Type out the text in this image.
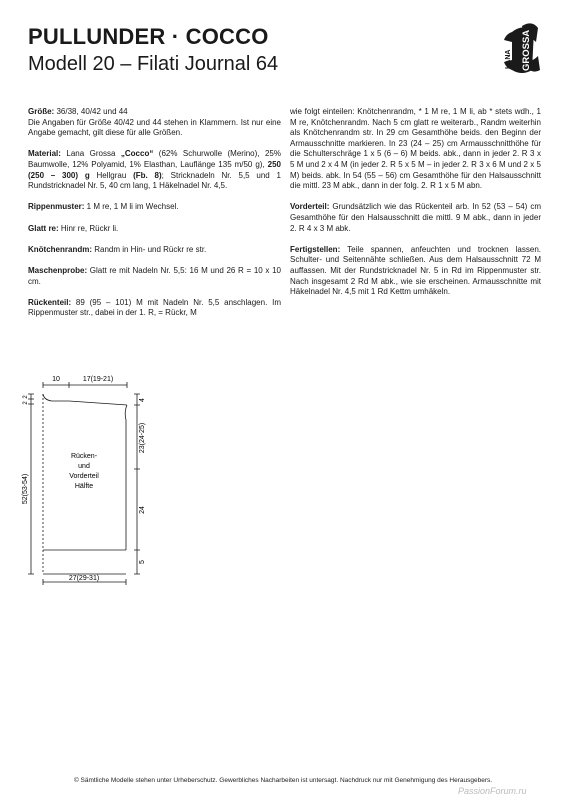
PULLUNDER · COCCO
Modell 20 – Filati Journal 64	LANA GROSSA

Größe: 36/38, 40/42 und 44
Die Angaben für Größe 40/42 und 44 stehen in Klammern. Ist nur eine Angabe gemacht, gilt diese für alle Größen.

Material: Lana Grossa „Cocco“ (62% Schurwolle (Merino), 25% Baumwolle, 12% Polyamid, 1% Elasthan, Lauflänge 135 m/50 g), 250 (250 – 300) g Hellgrau (Fb. 8); Stricknadeln Nr. 5,5 und 1 Rundstricknadel Nr. 5, 40 cm lang, 1 Häkelnadel Nr. 4,5.

Rippenmuster: 1 M re, 1 M li im Wechsel.

Glatt re: Hinr re, Rückr li.

Knötchenrandm: Randm in Hin- und Rückr re str.

Maschenprobe: Glatt re mit Nadeln Nr. 5,5: 16 M und 26 R = 10 x 10 cm.

Rückenteil: 89 (95 – 101) M mit Nadeln Nr. 5,5 anschlagen. Im Rippenmuster str., dabei in der 1. R, = Rückr, M

wie folgt einteilen: Knötchenrandm, * 1 M re, 1 M li, ab * stets wdh., 1 M re, Knötchenrandm. Nach 5 cm glatt re weiterarb., Randm weiterhin als Knötchenrandm str. In 29 cm Gesamthöhe beids. den Beginn der Armausschnitte markieren. In 23 (24 – 25) cm Armausschnitthöhe für die Schulterschräge 1 x 5 (6 – 6) M beids. abk., dann in jeder 2. R 3 x 5 M und 2 x 4 M (in jeder 2. R 5 x 5 M – in jeder 2. R 3 x 6 M und 2 x 5 M) beids. abk. In 54 (55 – 56) cm Gesamthöhe für den Halsausschnitt die mittl. 23 M abk., dann in der folg. 2. R 1 x 5 M abn.

Vorderteil: Grundsätzlich wie das Rückenteil arb. In 52 (53 – 54) cm Gesamthöhe für den Halsausschnitt die mittl. 9 M abk., dann in jeder 2. R 4 x 3 M abk.

Fertigstellen: Teile spannen, anfeuchten und trocknen lassen. Schulter- und Seitennähte schließen. Aus dem Halsausschnitt 72 M auffassen. Mit der Rundstricknadel Nr. 5 in Rd im Rippenmuster str. Nach insgesamt 2 Rd M abk., wie sie erscheinen. Armausschnitte mit Häkelnadel Nr. 4,5 mit 1 Rd Kettm umhäkeln.

10	17(19-21)
2
2
52(53-54)
4
23(24-25)
24
5
Rücken-
und
Vorderteil
Hälfte
27(29-31)
© Sämtliche Modelle stehen unter Urheberschutz. Gewerbliches Nacharbeiten ist untersagt. Nachdruck nur mit Genehmigung des Herausgebers.
PassionForum.ru
